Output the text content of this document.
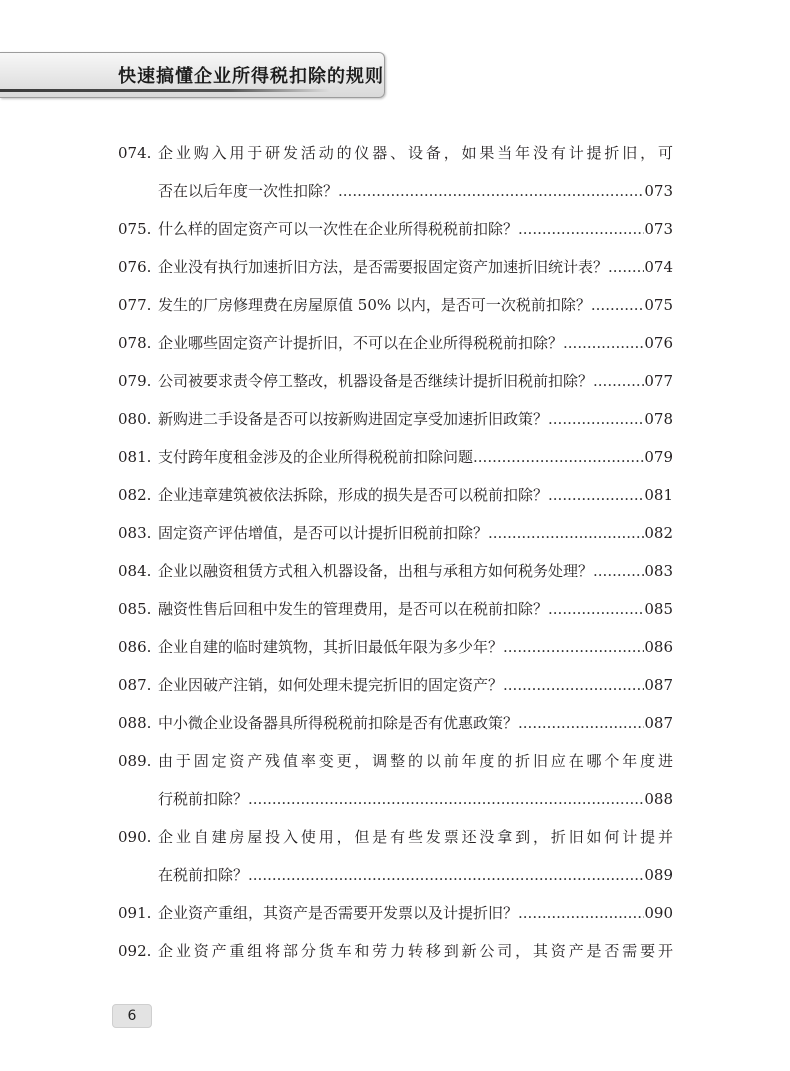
快速搞懂企业所得税扣除的规则
074. 企业购入用于研发活动的仪器、设备，如果当年没有计提折旧，可
否在以后年度一次性扣除？ .....	073
075. 什么样的固定资产可以一次性在企业所得税税前扣除？ .....	073
076. 企业没有执行加速折旧方法，是否需要报固定资产加速折旧统计表？ ..... 074
077. 发生的厂房修理费在房屋原值 50% 以内，是否可一次税前扣除？ .....	075
078. 企业哪些固定资产计提折旧，不可以在企业所得税税前扣除？ .....	076
079. 公司被要求责令停工整改，机器设备是否继续计提折旧税前扣除？ .....	077
080. 新购进二手设备是否可以按新购进固定享受加速折旧政策？ .....	078
081. 支付跨年度租金涉及的企业所得税税前扣除问题 .....	079
082. 企业违章建筑被依法拆除，形成的损失是否可以税前扣除？ .....	081
083. 固定资产评估增值，是否可以计提折旧税前扣除？ .....	082
084. 企业以融资租赁方式租入机器设备，出租与承租方如何税务处理？ .....	083
085. 融资性售后回租中发生的管理费用，是否可以在税前扣除？ .....	085
086. 企业自建的临时建筑物，其折旧最低年限为多少年？ .....	086
087. 企业因破产注销，如何处理未提完折旧的固定资产？ .....	087
088. 中小微企业设备器具所得税税前扣除是否有优惠政策？ .....	087
089. 由于固定资产残值率变更，调整的以前年度的折旧应在哪个年度进
行税前扣除？ .....	088
090. 企业自建房屋投入使用，但是有些发票还没拿到，折旧如何计提并
在税前扣除？ .....	089
091. 企业资产重组，其资产是否需要开发票以及计提折旧？ .....	090
092. 企业资产重组将部分货车和劳力转移到新公司，其资产是否需要开
6
